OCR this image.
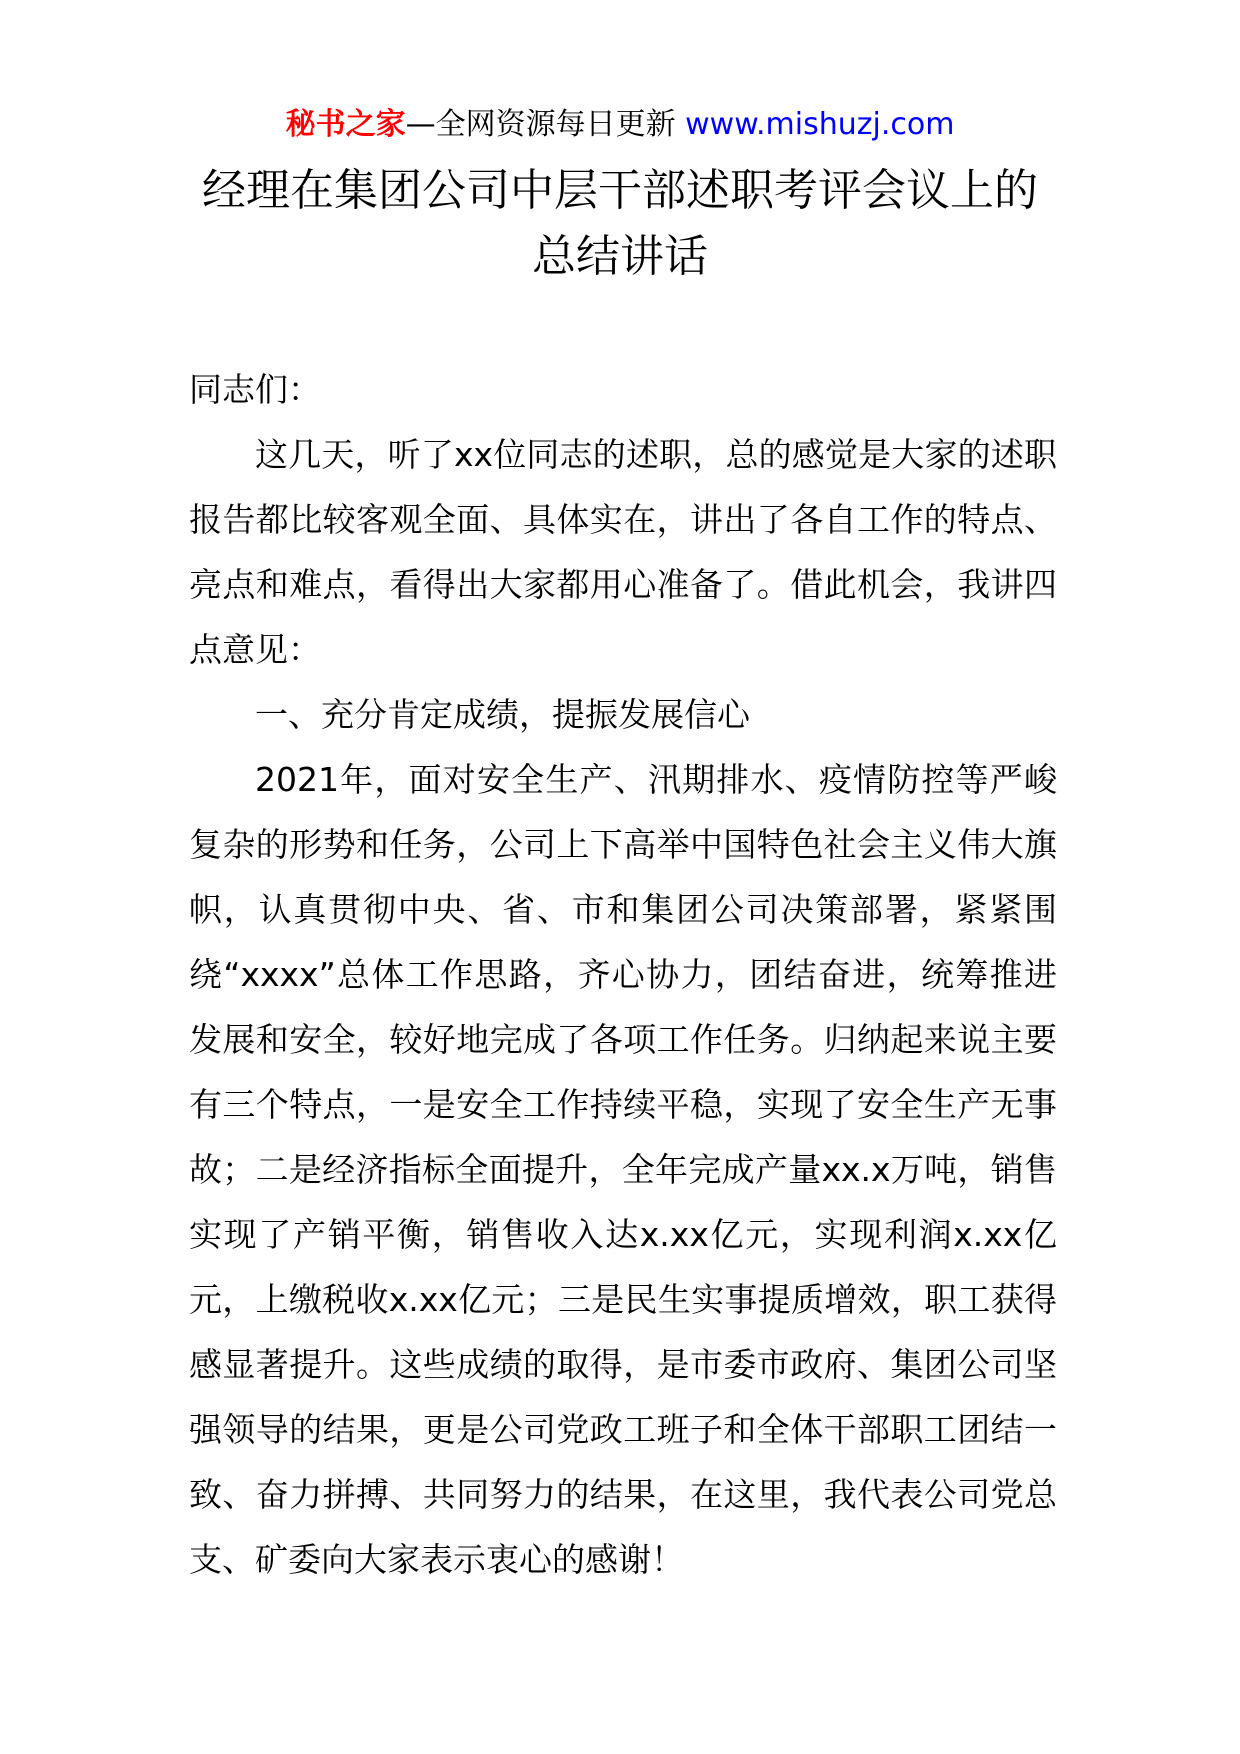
秘书之家—全网资源每日更新 www.mishuzj.com
经理在集团公司中层干部述职考评会议上的总结讲话

同志们：

这几天，听了xx位同志的述职，总的感觉是大家的述职报告都比较客观全面、具体实在，讲出了各自工作的特点、亮点和难点，看得出大家都用心准备了。借此机会，我讲四点意见：

一、充分肯定成绩，提振发展信心

2021年，面对安全生产、汛期排水、疫情防控等严峻复杂的形势和任务，公司上下高举中国特色社会主义伟大旗帜，认真贯彻中央、省、市和集团公司决策部署，紧紧围绕“xxxx”总体工作思路，齐心协力，团结奋进，统筹推进发展和安全，较好地完成了各项工作任务。归纳起来说主要有三个特点，一是安全工作持续平稳，实现了安全生产无事故；二是经济指标全面提升，全年完成产量xx.x万吨，销售实现了产销平衡，销售收入达x.xx亿元，实现利润x.xx亿元，上缴税收x.xx亿元；三是民生实事提质增效，职工获得感显著提升。这些成绩的取得，是市委市政府、集团公司坚强领导的结果，更是公司党政工班子和全体干部职工团结一致、奋力拼搏、共同努力的结果，在这里，我代表公司党总支、矿委向大家表示衷心的感谢！
